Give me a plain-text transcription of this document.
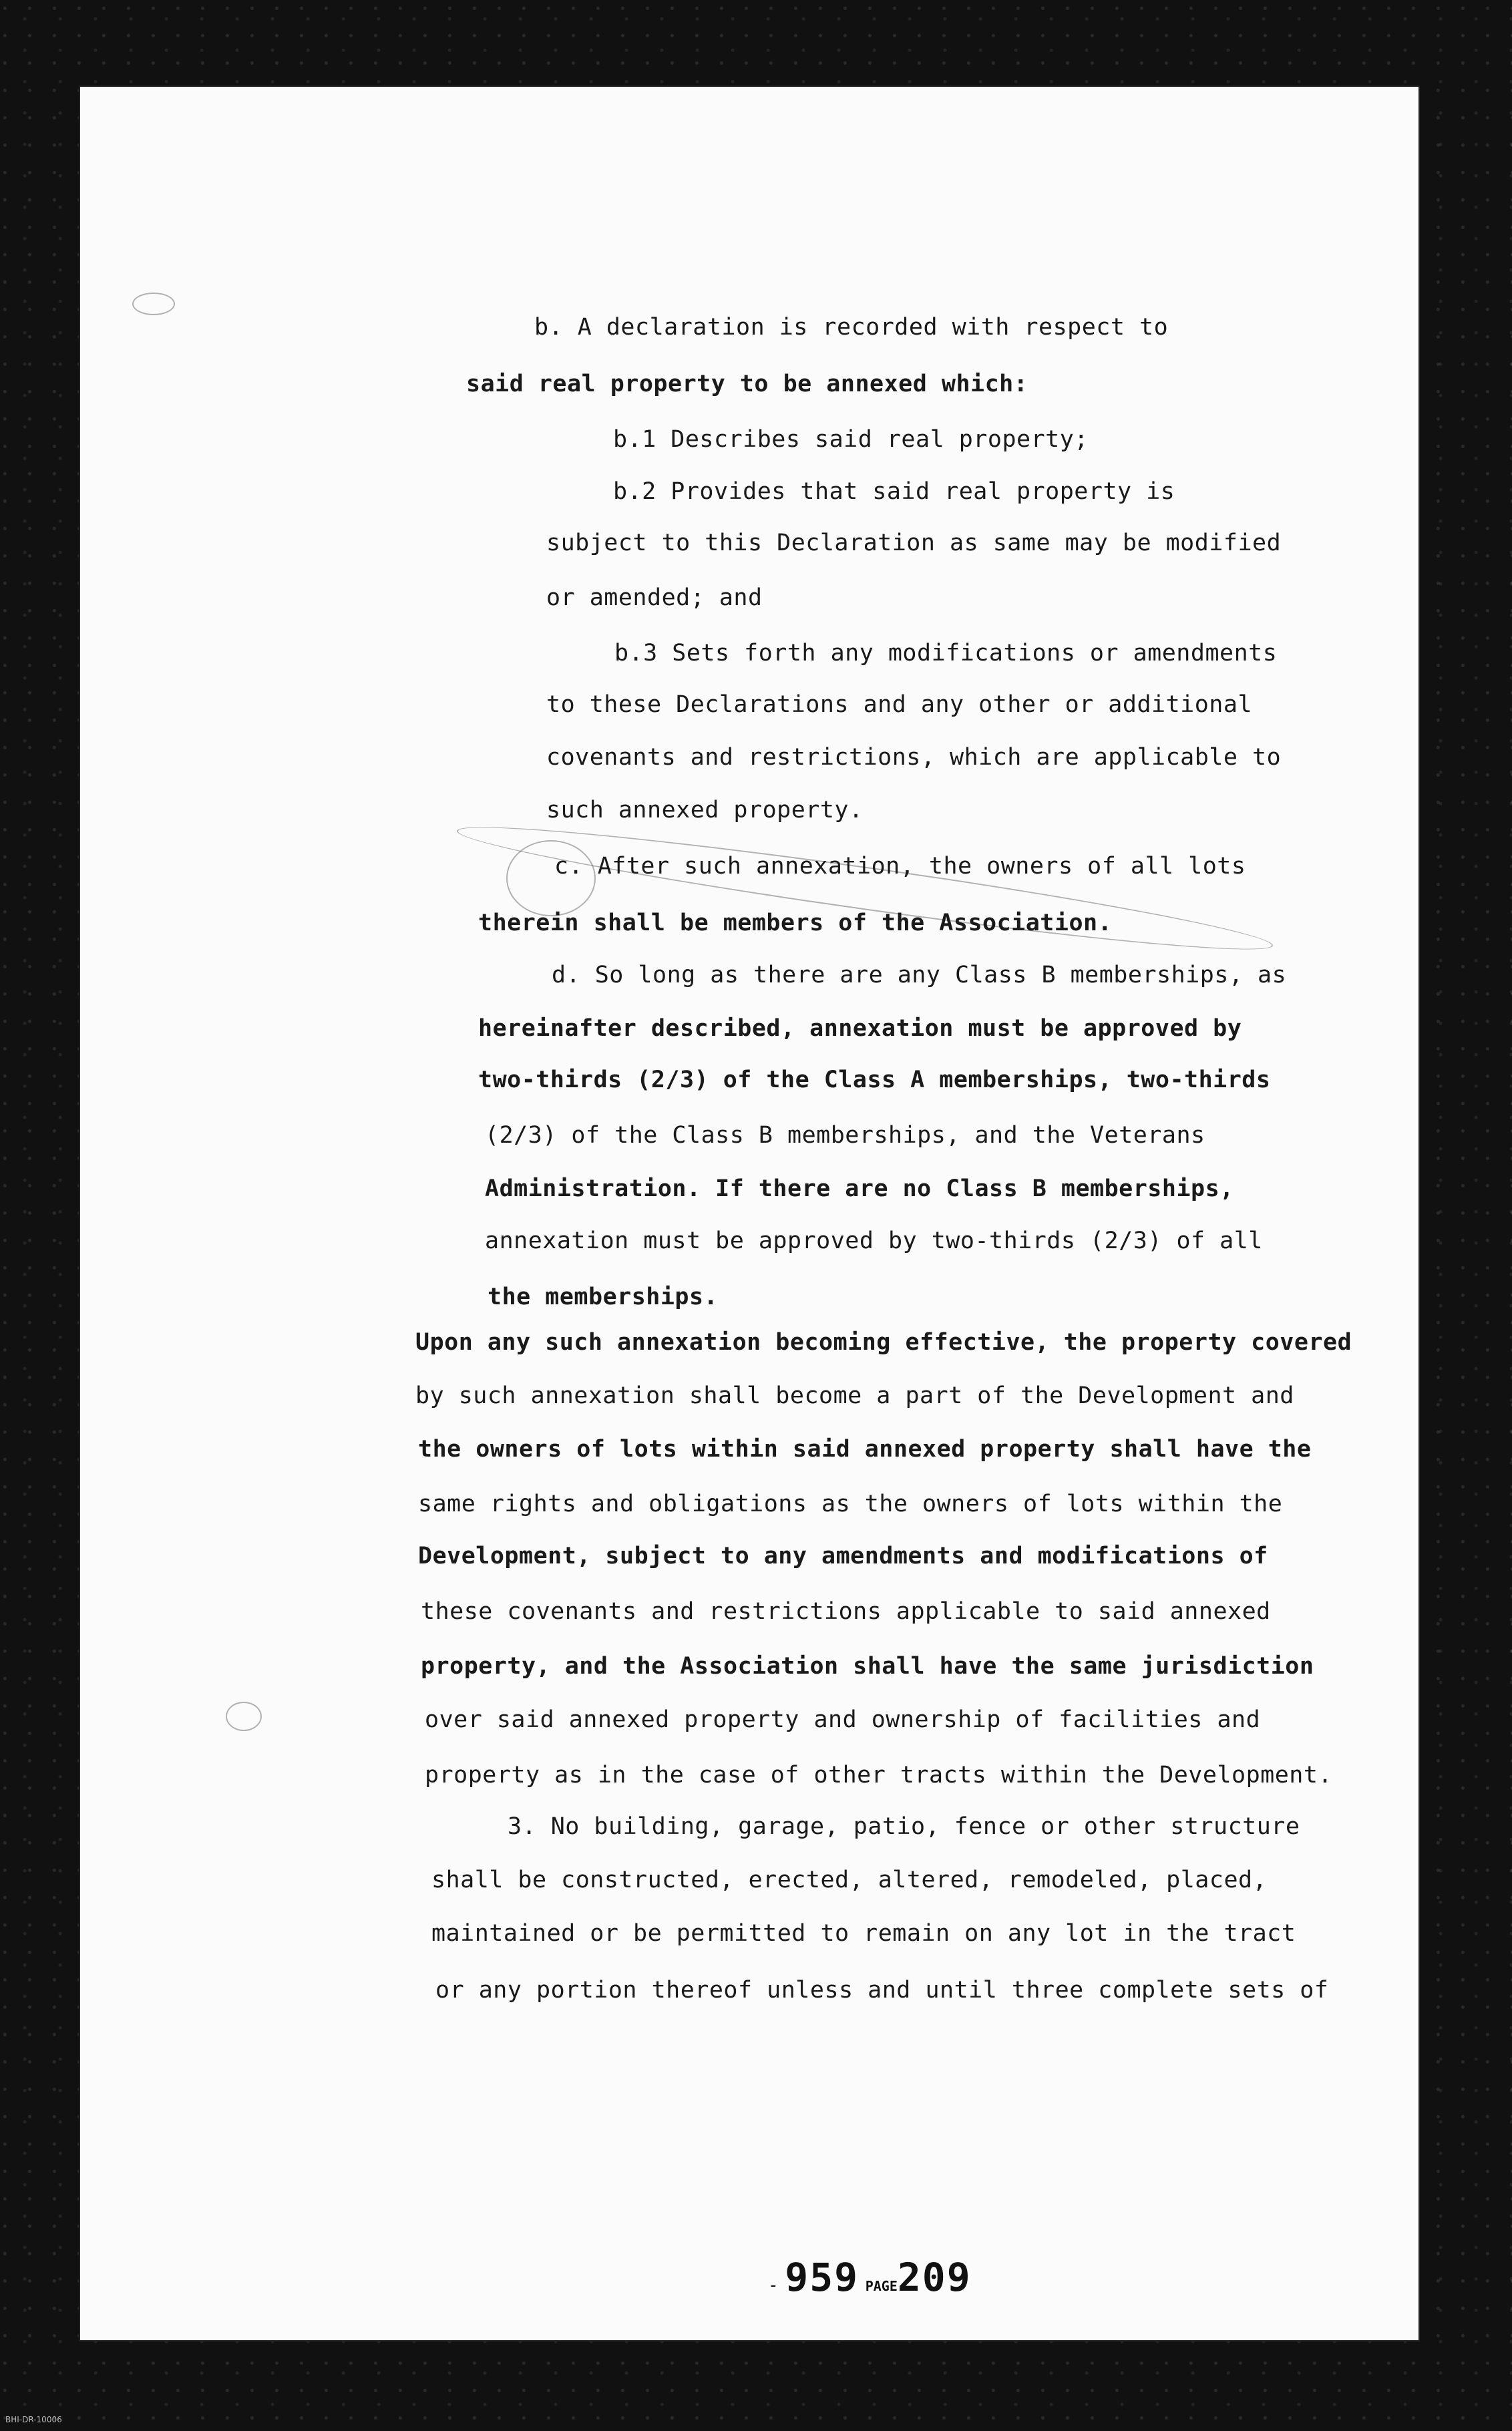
b. A declaration is recorded with respect to
said real property to be annexed which:
b.1 Describes said real property;
b.2 Provides that said real property is
subject to this Declaration as same may be modified
or amended; and
b.3 Sets forth any modifications or amendments
to these Declarations and any other or additional
covenants and restrictions, which are applicable to
such annexed property.
c. After such annexation, the owners of all lots
therein shall be members of the Association.
d. So long as there are any Class B memberships, as
hereinafter described, annexation must be approved by
two-thirds (2/3) of the Class A memberships, two-thirds
(2/3) of the Class B memberships, and the Veterans
Administration. If there are no Class B memberships,
annexation must be approved by two-thirds (2/3) of all
the memberships.
Upon any such annexation becoming effective, the property covered
by such annexation shall become a part of the Development and
the owners of lots within said annexed property shall have the
same rights and obligations as the owners of lots within the
Development, subject to any amendments and modifications of
these covenants and restrictions applicable to said annexed
property, and the Association shall have the same jurisdiction
over said annexed property and ownership of facilities and
property as in the case of other tracts within the Development.
3. No building, garage, patio, fence or other structure
shall be constructed, erected, altered, remodeled, placed,
maintained or be permitted to remain on any lot in the tract
or any portion thereof unless and until three complete sets of
- 959 PAGE209
BHI-DR-10006
